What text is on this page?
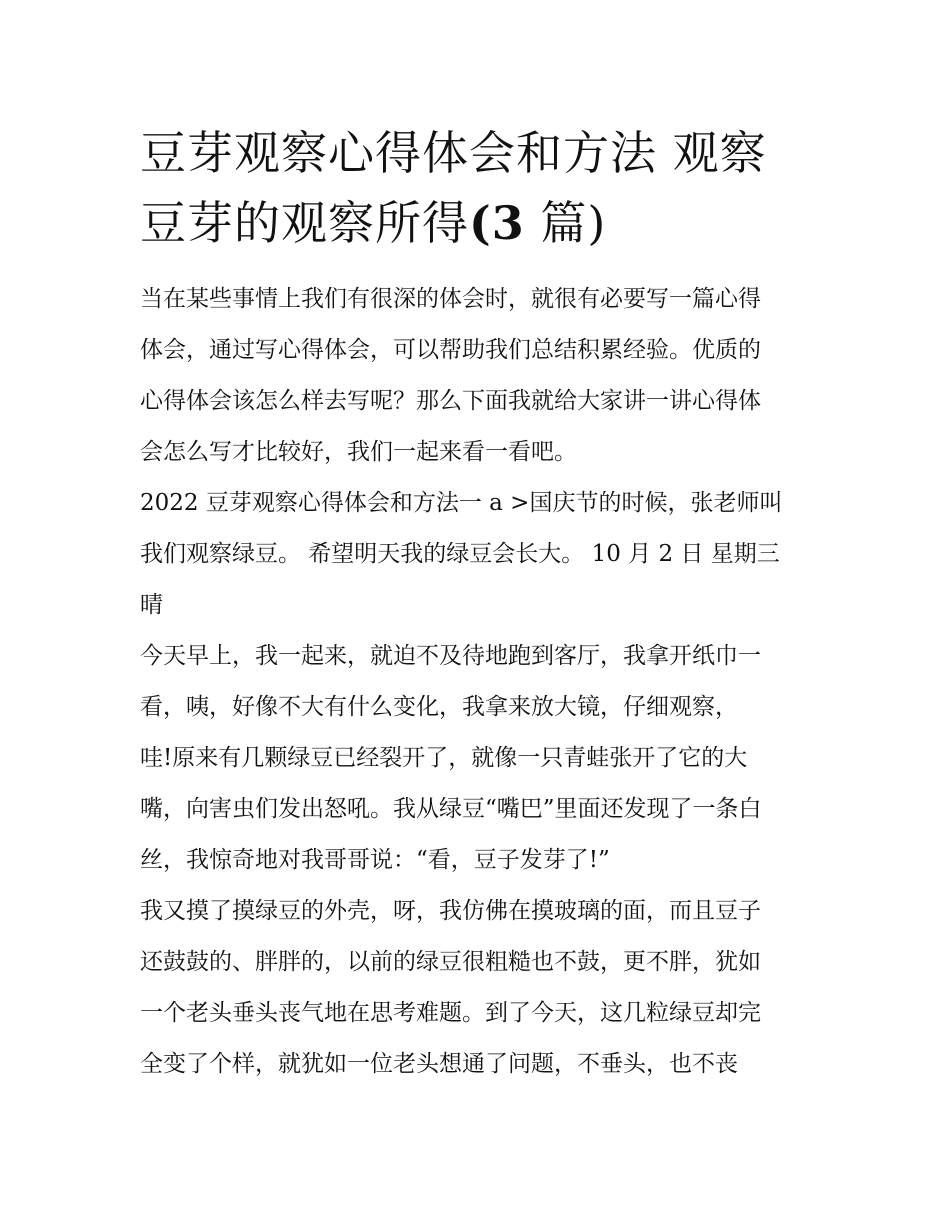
豆芽观察心得体会和方法 观察
豆芽的观察所得(3 篇)

当在某些事情上我们有很深的体会时，就很有必要写一篇心得
体会，通过写心得体会，可以帮助我们总结积累经验。优质的
心得体会该怎么样去写呢？那么下面我就给大家讲一讲心得体
会怎么写才比较好，我们一起来看一看吧。

2022 豆芽观察心得体会和方法一 a >国庆节的时候，张老师叫
我们观察绿豆。 希望明天我的绿豆会长大。 10 月 2 日 星期三
晴

今天早上，我一起来，就迫不及待地跑到客厅，我拿开纸巾一
看，咦，好像不大有什么变化，我拿来放大镜，仔细观察，
哇!原来有几颗绿豆已经裂开了，就像一只青蛙张开了它的大
嘴，向害虫们发出怒吼。我从绿豆“嘴巴”里面还发现了一条白
丝，我惊奇地对我哥哥说：“看，豆子发芽了!”

我又摸了摸绿豆的外壳，呀，我仿佛在摸玻璃的面，而且豆子
还鼓鼓的、胖胖的，以前的绿豆很粗糙也不鼓，更不胖，犹如
一个老头垂头丧气地在思考难题。到了今天，这几粒绿豆却完
全变了个样，就犹如一位老头想通了问题，不垂头，也不丧
